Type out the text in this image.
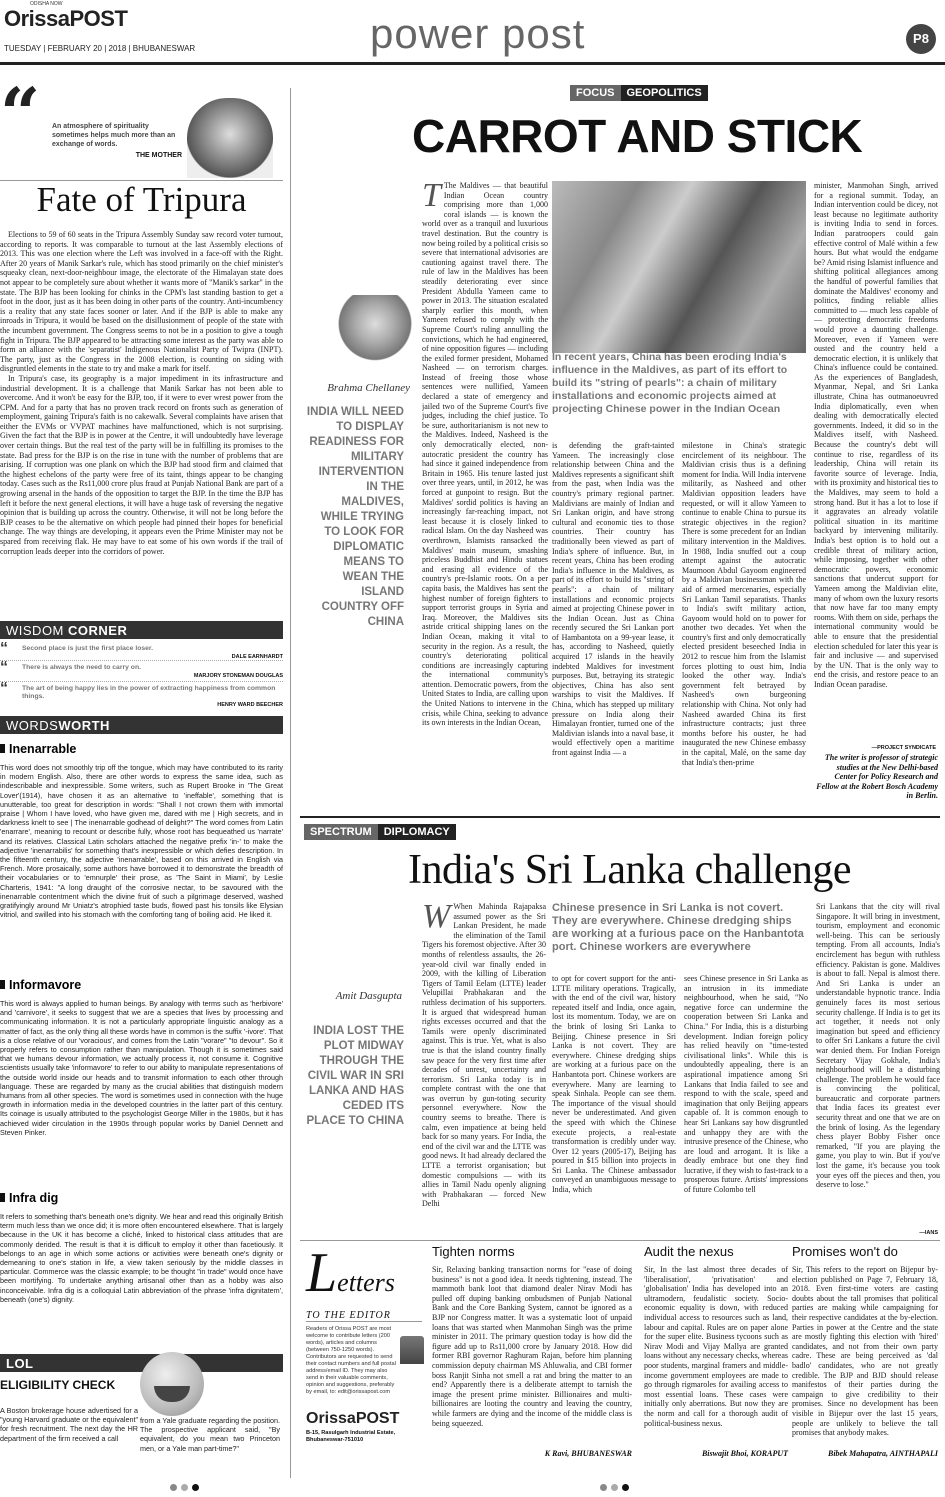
ODISHA NOW
OrissaPOST
TUESDAY | FEBRUARY 20 | 2018 | BHUBANESWAR	power post	P8
“ An atmosphere of spirituality sometimes helps much more than an exchange of words.
THE MOTHER
Fate of Tripura

Elections to 59 of 60 seats in the Tripura Assembly Sunday saw record voter turnout, according to reports. It was comparable to turnout at the last Assembly elections of 2013. This was one election where the Left was involved in a face-off with the Right. After 20 years of Manik Sarkar's rule, which has stood primarily on the chief minister's squeaky clean, next-door-neighbour image, the electorate of the Himalayan state does not appear to be completely sure about whether it wants more of "Manik's sarkar" in the state. The BJP has been looking for chinks in the CPM's last standing bastion to get a foot in the door, just as it has been doing in other parts of the country. Anti-incumbency is a reality that any state faces sooner or later. And if the BJP is able to make any inroads in Tripura, it would be based on the disillusionment of people of the state with the incumbent government. The Congress seems to not be in a position to give a tough fight in Tripura. The BJP appeared to be attracting some interest as the party was able to form an alliance with the 'separatist' Indigenous Nationalist Party of Twipra (INPT). The party, just as the Congress in the 2008 election, is counting on siding with disgruntled elements in the state to try and make a mark for itself.

In Tripura's case, its geography is a major impediment in its infrastructure and industrial development. It is a challenge that Manik Sarkar has not been able to overcome. And it won't be easy for the BJP, too, if it were to ever wrest power from the CPM. And for a party that has no proven track record on fronts such as generation of employment, gaining Tripura's faith is no cakewalk. Several complaints have arisen that either the EVMs or VVPAT machines have malfunctioned, which is not surprising. Given the fact that the BJP is in power at the Centre, it will undoubtedly have leverage over certain things. But the real test of the party will be in fulfilling its promises to the state. Bad press for the BJP is on the rise in tune with the number of problems that are arising. If corruption was one plank on which the BJP had stood firm and claimed that the highest echelons of the party were free of its taint, things appear to be changing today. Cases such as the Rs11,000 crore plus fraud at Punjab National Bank are part of a growing arsenal in the hands of the opposition to target the BJP. In the time the BJP has left it before the next general elections, it will have a huge task of reversing the negative opinion that is building up across the country. Otherwise, it will not be long before the BJP ceases to be the alternative on which people had pinned their hopes for beneficial change. The way things are developing, it appears even the Prime Minister may not be spared from receiving flak. He may have to eat some of his own words if the trail of corruption leads deeper into the corridors of power.

WISDOM CORNER
“	Second place is just the first place loser.
DALE EARNHARDT
“	There is always the need to carry on.
MARJORY STONEMAN DOUGLAS
“	The art of being happy lies in the power of extracting happiness from common things.
HENRY WARD BEECHER
WORDSWORTH
Inenarrable
This word does not smoothly trip off the tongue, which may have contributed to its rarity in modern English. Also, there are other words to express the same idea, such as indescribable and inexpressible. Some writers, such as Rupert Brooke in 'The Great Lover'(1914), have chosen it as an alternative to 'ineffable', something that is unutterable, too great for description in words: "Shall I not crown them with immortal praise | Whom I have loved, who have given me, dared with me | High secrets, and in darkness knelt to see | The inenarrable godhead of delight?" The word comes from Latin 'enarrare', meaning to recount or describe fully, whose root has bequeathed us 'narrate' and its relatives. Classical Latin scholars attached the negative prefix 'in-' to make the adjective 'inenarrabilis' for something that's inexpressible or which defies description. In the fifteenth century, the adjective 'inenarrable', based on this arrived in English via French. More prosaically, some authors have borrowed it to demonstrate the breadth of their vocabularies or to 'emnurple' their prose, as 'The Saint in Miami', by Leslie Charteris, 1941: "A long draught of the corrosive nectar, to be savoured with the inenarrable contentment which the divine fruit of such a pilgrimage deserved, washed gratifyingly around Mr Uniatz's atrophied taste buds, flowed past his tonsils like Elysian vitriol, and swilled into his stomach with the comforting tang of boiling acid. He liked it.
Informavore
This word is always applied to human beings. By analogy with terms such as 'herbivore' and 'carnivore', it seeks to suggest that we are a species that lives by processing and communicating information. It is not a particularly appropriate linguistic analogy as a matter of fact, as the only thing all these words have in common is the suffix '-ivore'. That is a close relative of our 'voracious', and comes from the Latin "vorare" "to devour". So it properly refers to consumption rather than manipulation. Though it is sometimes said that we humans devour information, we actually process it, not consume it. Cognitive scientists usually take 'informavore' to refer to our ability to manipulate representations of the outside world inside our heads and to transmit information to each other through language. These are regarded by many as the crucial abilities that distinguish modern humans from all other species. The word is sometimes used in connection with the huge growth in information media in the developed countries in the latter part of this century. Its coinage is usually attributed to the psychologist George Miller in the 1980s, but it has achieved wider circulation in the 1990s through popular works by Daniel Dennett and Steven Pinker.
Infra dig
It refers to something that's beneath one's dignity. We hear and read this originally British term much less than we once did; it is more often encountered elsewhere. That is largely because in the UK it has become a cliché, linked to historical class attitudes that are commonly derided. The result is that it is difficult to employ it other than facetiously. It belongs to an age in which some actions or activities were beneath one's dignity or demeaning to one's station in life, a view taken seriously by the middle classes in particular. Commerce was the classic example; to be thought "in trade" would once have been mortifying. To undertake anything artisanal other than as a hobby was also inconceivable. Infra dig is a colloquial Latin abbreviation of the phrase 'infra dignitatem', beneath (one's) dignity.
LOL
ELIGIBILITY CHECK
A Boston brokerage house advertised for a "young Harvard graduate or the equivalent" for fresh recruitment. The next day the HR department of the firm received a call
from a Yale graduate regarding the position. The prospective applicant said, "By equivalent, do you mean two Princeton men, or a Yale man part-time?"
FOCUS	GEOPOLITICS
CARROT AND STICK
Brahma Chellaney
INDIA WILL NEED TO DISPLAY READINESS FOR MILITARY INTERVENTION IN THE MALDIVES, WHILE TRYING TO LOOK FOR DIPLOMATIC MEANS TO WEAN THE ISLAND COUNTRY OFF CHINA
T The Maldives — that beautiful Indian Ocean country comprising more than 1,000 coral islands — is known the world over as a tranquil and luxurious travel destination. But the country is now being roiled by a political crisis so severe that international advisories are cautioning against travel there. The rule of law in the Maldives has been steadily deteriorating ever since President Abdulla Yameen came to power in 2013. The situation escalated sharply earlier this month, when Yameen refused to comply with the Supreme Court's ruling annulling the convictions, which he had engineered, of nine opposition figures — including the exiled former president, Mohamed Nasheed — on terrorism charges. Instead of freeing those whose sentences were nullified, Yameen declared a state of emergency and jailed two of the Supreme Court's five judges, including the chief justice. To be sure, authoritarianism is not new to the Maldives. Indeed, Nasheed is the only democratically elected, non-autocratic president the country has had since it gained independence from Britain in 1965. His tenure lasted just over three years, until, in 2012, he was forced at gunpoint to resign. But the Maldives' sordid politics is having an increasingly far-reaching impact, not least because it is closely linked to radical Islam. On the day Nasheed was overthrown, Islamists ransacked the Maldives' main museum, smashing priceless Buddhist and Hindu statues and erasing all evidence of the country's pre-Islamic roots. On a per capita basis, the Maldives has sent the highest number of foreign fighters to support terrorist groups in Syria and Iraq. Moreover, the Maldives sits astride critical shipping lanes on the Indian Ocean, making it vital to security in the region. As a result, the country's deteriorating political conditions are increasingly capturing the international community's attention. Democratic powers, from the United States to India, are calling upon the United Nations to intervene in the crisis, while China, seeking to advance its own interests in the Indian Ocean,
In recent years, China has been eroding India's influence in the Maldives, as part of its effort to build its "string of pearls": a chain of military installations and economic projects aimed at projecting Chinese power in the Indian Ocean
is defending the graft-tainted Yameen. The increasingly close relationship between China and the Maldives represents a significant shift from the past, when India was the country's primary regional partner. Maldivians are mainly of Indian and Sri Lankan origin, and have strong cultural and economic ties to those countries. Their country has traditionally been viewed as part of India's sphere of influence. But, in recent years, China has been eroding India's influence in the Maldives, as part of its effort to build its "string of pearls": a chain of military installations and economic projects aimed at projecting Chinese power in the Indian Ocean. Just as China recently secured the Sri Lankan port of Hambantota on a 99-year lease, it has, according to Nasheed, quietly acquired 17 islands in the heavily indebted Maldives for investment purposes. But, betraying its strategic objectives, China has also sent warships to visit the Maldives. If China, which has stepped up military pressure on India along their Himalayan frontier, turned one of the Maldivian islands into a naval base, it would effectively open a maritime front against India — a
milestone in China's strategic encirclement of its neighbour. The Maldivian crisis thus is a defining moment for India. Will India intervene militarily, as Nasheed and other Maldivian opposition leaders have requested, or will it allow Yameen to continue to enable China to pursue its strategic objectives in the region? There is some precedent for an Indian military intervention in the Maldives. In 1988, India snuffed out a coup attempt against the autocratic Maumoon Abdul Gayoom engineered by a Maldivian businessman with the aid of armed mercenaries, especially Sri Lankan Tamil separatists. Thanks to India's swift military action, Gayoom would hold on to power for another two decades. Yet when the country's first and only democratically elected president beseeched India in 2012 to rescue him from the Islamist forces plotting to oust him, India looked the other way. India's government felt betrayed by Nasheed's own burgeoning relationship with China. Not only had Nasheed awarded China its first infrastructure contracts; just three months before his ouster, he had inaugurated the new Chinese embassy in the capital, Malé, on the same day that India's then-prime
minister, Manmohan Singh, arrived for a regional summit. Today, an Indian intervention could be dicey, not least because no legitimate authority is inviting India to send in forces. Indian paratroopers could gain effective control of Malé within a few hours. But what would the endgame be? Amid rising Islamist influence and shifting political allegiances among the handful of powerful families that dominate the Maldives' economy and politics, finding reliable allies committed to — much less capable of — protecting democratic freedoms would prove a daunting challenge. Moreover, even if Yameen were ousted and the country held a democratic election, it is unlikely that China's influence could be contained. As the experiences of Bangladesh, Myanmar, Nepal, and Sri Lanka illustrate, China has outmanoeuvred India diplomatically, even when dealing with democratically elected governments. Indeed, it did so in the Maldives itself, with Nasheed. Because the country's debt will continue to rise, regardless of its leadership, China will retain its favorite source of leverage. India, with its proximity and historical ties to the Maldives, may seem to hold a strong hand. But it has a lot to lose if it aggravates an already volatile political situation in its maritime backyard by intervening militarily. India's best option is to hold out a credible threat of military action, while imposing, together with other democratic powers, economic sanctions that undercut support for Yameen among the Maldivian elite, many of whom own the luxury resorts that now have far too many empty rooms. With them on side, perhaps the international community would be able to ensure that the presidential election scheduled for later this year is fair and inclusive — and supervised by the UN. That is the only way to end the crisis, and restore peace to an Indian Ocean paradise.
—PROJECT SYNDICATE
The writer is professor of strategic studies at the New Delhi-based Center for Policy Research and Fellow at the Robert Bosch Academy in Berlin.
SPECTRUM	DIPLOMACY
India's Sri Lanka challenge
Amit Dasgupta
INDIA LOST THE PLOT MIDWAY THROUGH THE CIVIL WAR IN SRI LANKA AND HAS CEDED ITS PLACE TO CHINA
W When Mahinda Rajapaksa assumed power as the Sri Lankan President, he made the elimination of the Tamil Tigers his foremost objective. After 30 months of relentless assaults, the 26-year-old civil war finally ended in 2009, with the killing of Liberation Tigers of Tamil Eelam (LTTE) leader Velupillai Prabhakaran and the ruthless decimation of his supporters. It is argued that widespread human rights excesses occurred and that the Tamils were openly discriminated against. This is true. Yet, what is also true is that the island country finally saw peace for the very first time after decades of unrest, uncertainty and terrorism. Sri Lanka today is in complete contrast with the one that was overrun by gun-toting security personnel everywhere. Now the country seems to breathe. There is calm, even impatience at being held back for so many years. For India, the end of the civil war and the LTTE was good news. It had already declared the LTTE a terrorist organisation; but domestic compulsions — with its allies in Tamil Nadu openly aligning with Prabhakaran — forced New Delhi
Chinese presence in Sri Lanka is not covert. They are everywhere. Chinese dredging ships are working at a furious pace on the Hanbantota port. Chinese workers are everywhere
to opt for covert support for the anti-LTTE military operations. Tragically, with the end of the civil war, history repeated itself and India, once again, lost its momentum. Today, we are on the brink of losing Sri Lanka to Beijing. Chinese presence in Sri Lanka is not covert. They are everywhere. Chinese dredging ships are working at a furious pace on the Hanbantota port. Chinese workers are everywhere. Many are learning to speak Sinhala. People can see them. The importance of the visual should never be underestimated. And given the speed with which the Chinese execute projects, a real-estate transformation is credibly under way. Over 12 years (2005-17), Beijing has poured in $15 billion into projects in Sri Lanka. The Chinese ambassador conveyed an unambiguous message to India, which
sees Chinese presence in Sri Lanka as an intrusion in its immediate neighbourhood, when he said, "No negative force can undermine the cooperation between Sri Lanka and China." For India, this is a disturbing development. Indian foreign policy has relied heavily on "time-tested civilisational links". While this is undoubtedly appealing, there is an aspirational impatience among Sri Lankans that India failed to see and respond to with the scale, speed and imagination that only Beijing appears capable of. It is common enough to hear Sri Lankans say how disgruntled and unhappy they are with the intrusive presence of the Chinese, who are loud and arrogant. It is like a deadly embrace but one they find lucrative, if they wish to fast-track to a prosperous future. Artists' impressions of future Colombo tell
Sri Lankans that the city will rival Singapore. It will bring in investment, tourism, employment and economic well-being. This can be seriously tempting. From all accounts, India's encirclement has begun with ruthless efficiency. Pakistan is gone. Maldives is about to fall. Nepal is almost there. And Sri Lanka is under an understandable hypnotic trance. India genuinely faces its most serious security challenge. If India is to get its act together, it needs not only imagination but speed and efficiency to offer Sri Lankans a future the civil war denied them. For Indian Foreign Secretary Vijay Gokhale, India's neighbourhood will be a disturbing challenge. The problem he would face is convincing the political, bureaucratic and corporate partners that India faces its greatest ever security threat and one that we are on the brink of losing. As the legendary chess player Bobby Fisher once remarked, "If you are playing the game, you play to win. But if you've lost the game, it's because you took your eyes off the pieces and then, you deserve to lose."
—IANS
Letters
TO THE EDITOR
Readers of Orissa POST are most welcome to contribute letters (200 words), articles and columns (between 750-1250 words). Contributors are requested to send their contact numbers and full postal address/email ID. They may also send in their valuable comments, opinion and suggestions, preferably by email, to: edit@orissapost.com
OrissaPOST
B-15, Rasulgarh Industrial Estate, Bhubaneswar-751010
Tighten norms
Sir, Relaxing banking transaction norms for "ease of doing business" is not a good idea. It needs tightening, instead. The mammoth bank loot that diamond dealer Nirav Modi has pulled off duping banking ombudsmen of Punjab National Bank and the Core Banking System, cannot be ignored as a BJP nor Congress matter. It was a systematic loot of unpaid loans that was started when Manmohan Singh was the prime minister in 2011. The primary question today is how did the figure add up to Rs11,000 crore by January 2018. How did former RBI governor Raghuram Rajan, before him planning commission deputy chairman MS Ahluwalia, and CBI former boss Ranjit Sinha not smell a rat and bring the matter to an end? Apparently there is a deliberate attempt to tarnish the image the present prime minister. Billionaires and multi-billionaires are looting the country and leaving the country, while farmers are dying and the income of the middle class is being squeezed.
K Ravi, BHUBANESWAR
Audit the nexus
Sir, In the last almost three decades of 'liberalisation', 'privatisation' and 'globalisation' India has developed into an ultramodern, feudalistic society. Socio-economic equality is down, with reduced individual access to resources such as land, labour and capital. Rules are on paper alone for the super elite. Business tycoons such as Nirav Modi and Vijay Mallya are granted loans without any necessary checks, whereas poor students, marginal framers and middle-income government employees are made to go through rigmaroles for availing access to most essential loans. These cases were initially only aberrations. But now they are the norm and call for a thorough audit of political-business nexus.
Biswajit Bhoi, KORAPUT
Promises won't do
Sir, This refers to the report on Bijepur by-election published on Page 7, February 18, 2018. Even first-time voters are casting doubts about the tall promises that political parties are making while campaigning for their respective candidates at the by-election. Parties in power at the Centre and the state are mostly fighting this election with 'hired' candidates, and not from their own party cadre. These are being perceived as 'dal badlo' candidates, who are not greatly credible. The BJP and BJD should release manifestos of their parties during the campaign to give credibility to their promises. Since no development has been visible in Bijepur over the last 15 years, people are unlikely to believe the tall promises that anybody makes.
Bibek Mahapatra, AINTHAPALI
